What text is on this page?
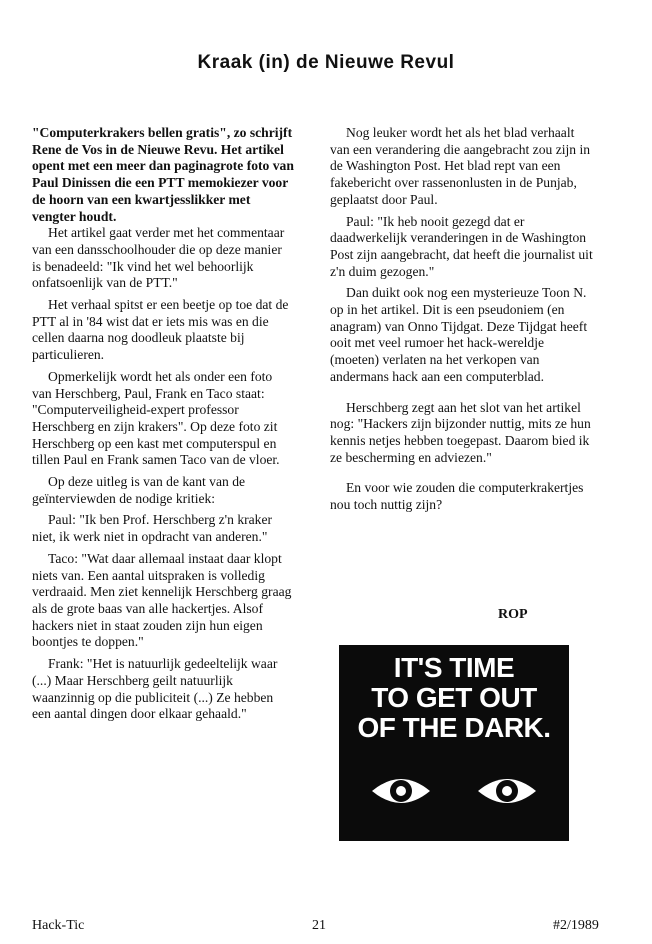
Kraak (in) de Nieuwe Revul

"Computerkrakers bellen gratis", zo schrijft Rene de Vos in de Nieuwe Revu. Het artikel opent met een meer dan paginagrote foto van Paul Dinissen die een PTT memokiezer voor de hoorn van een kwartjesslikker met vengter houdt.

Het artikel gaat verder met het commentaar van een dansschoolhouder die op deze manier is benadeeld: "Ik vind het wel behoorlijk onfatsoenlijk van de PTT."

Het verhaal spitst er een beetje op toe dat de PTT al in '84 wist dat er iets mis was en die cellen daarna nog doodleuk plaatste bij particulieren.

Opmerkelijk wordt het als onder een foto van Herschberg, Paul, Frank en Taco staat: "Computerveiligheid-expert professor Herschberg en zijn krakers". Op deze foto zit Herschberg op een kast met computerspul en tillen Paul en Frank samen Taco van de vloer.

Op deze uitleg is van de kant van de geïnterviewden de nodige kritiek:

Paul: "Ik ben Prof. Herschberg z'n kraker niet, ik werk niet in opdracht van anderen."

Taco: "Wat daar allemaal instaat daar klopt niets van. Een aantal uitspraken is volledig verdraaid. Men ziet kennelijk Herschberg graag als de grote baas van alle hackertjes. Alsof hackers niet in staat zouden zijn hun eigen boontjes te doppen."

Frank: "Het is natuurlijk gedeeltelijk waar (...) Maar Herschberg geilt natuurlijk waanzinnig op die publiciteit (...) Ze hebben een aantal dingen door elkaar gehaald."

Nog leuker wordt het als het blad verhaalt van een verandering die aangebracht zou zijn in de Washington Post. Het blad rept van een fakebericht over rassenonlusten in de Punjab, geplaatst door Paul.

Paul: "Ik heb nooit gezegd dat er daadwerkelijk veranderingen in de Washington Post zijn aangebracht, dat heeft die journalist uit z'n duim gezogen."

Dan duikt ook nog een mysterieuze Toon N. op in het artikel. Dit is een pseudoniem (en anagram) van Onno Tijdgat. Deze Tijdgat heeft ooit met veel rumoer het hack-wereldje (moeten) verlaten na het verkopen van andermans hack aan een computerblad.

Herschberg zegt aan het slot van het artikel nog: "Hackers zijn bijzonder nuttig, mits ze hun kennis netjes hebben toegepast. Daarom bied ik ze bescherming en adviezen."

En voor wie zouden die computerkrakertjes nou toch nuttig zijn?

ROP
IT'S TIME
TO GET OUT
OF THE DARK.
Hack-Tic	21	#2/1989
